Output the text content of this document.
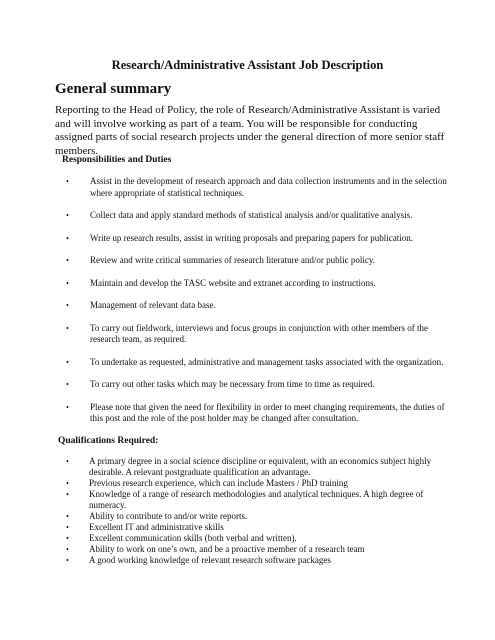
Research/Administrative Assistant Job Description
General summary

Reporting to the Head of Policy, the role of Research/Administrative Assistant is varied and will involve working as part of a team. You will be responsible for conducting assigned parts of social research projects under the general direction of more senior staff members.

Responsibilities and Duties
• Assist in the development of research approach and data collection instruments and in the selection where appropriate of statistical techniques.
• Collect data and apply standard methods of statistical analysis and/or qualitative analysis.
• Write up research results, assist in writing proposals and preparing papers for publication.
• Review and write critical summaries of research literature and/or public policy.
• Maintain and develop the TASC website and extranet according to instructions.
• Management of relevant data base.
• To carry out fieldwork, interviews and focus groups in conjunction with other members of the research team, as required.
• To undertake as requested, administrative and management tasks associated with the organization.
• To carry out other tasks which may be necessary from time to time as required.
• Please note that given the need for flexibility in order to meet changing requirements, the duties of this post and the role of the post holder may be changed after consultation.
Qualifications Required:
• A primary degree in a social science discipline or equivalent, with an economics subject highly desirable. A relevant postgraduate qualification an advantage.
• Previous research experience, which can include Masters / PhD training
• Knowledge of a range of research methodologies and analytical techniques. A high degree of numeracy.
• Ability to contribute to and/or write reports.
• Excellent IT and administrative skills
• Excellent communication skills (both verbal and written).
• Ability to work on one’s own, and be a proactive member of a research team
• A good working knowledge of relevant research software packages
